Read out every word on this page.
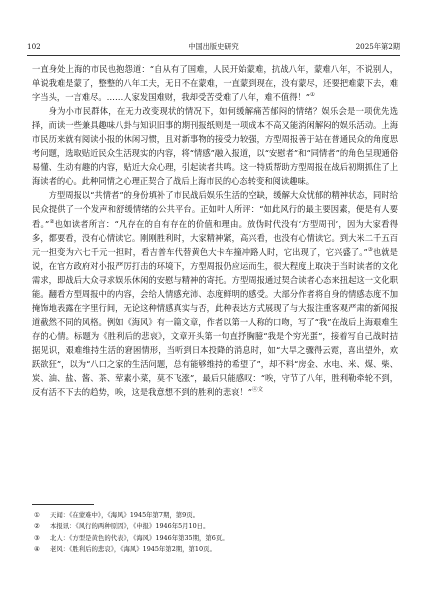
102	中国出版史研究	2025年第2期

一直身处上海的市民也抱怨道：“自从有了国难，人民开始蒙难，抗战八年，蒙难八年，不说别人，单说我难是蒙了，整整的八年工夫，无日不在蒙难，一直蒙到现在，没有蒙尽，还要把难蒙下去，难字当头，一言难尽。……人家发国难财，我却受苦受难了八年，难不值得！”①

身为小市民群体，在无力改变现状的情况下，如何缓解痛苦郁闷的情绪？娱乐会是一项优先选择，而读一些兼具趣味八卦与知识旧事的期刊报纸则是一项成本不高又能消闲解闷的娱乐活动。上海市民历来就有阅读小报的休闲习惯，且对新事物的接受力较强，方型周报善于站在普通民众的角度思考问题，选取贴近民众生活现实的内容，将“情感”融入报道，以“安慰者”和“同情者”的角色呈现通俗易懂、生动有趣的内容，贴近大众心理，引起读者共鸣。这一特质帮助方型周报在战后初期抓住了上海读者的心。此种同情之心理正契合了战后上海市民的心态转变和阅读趣味。

方型周报以“共情者”的身份填补了市民战后娱乐生活的空缺，缓解大众忧郁的精神状态，同时给民众提供了一个发声和舒缓情绪的公共平台。正如叶人所评：“如此风行的最主要因素，便是有人要看。”②也如读者所言：“凡存在的自有存在的价值和理由。放伪时代没有‘方型周刊’，因为大家看得多，都要看，没有心情读它。刚刚胜利时，大家精神紧，高兴看，也没有心情读它。到大米二千五百元一担变为六七千元一担时，看吉普车代替黄色大卡车撞冲路人时，它出现了，它兴盛了。”③也就是说，在官方政府对小报严厉打击的环境下，方型周报仍应运而生，很大程度上取决于当时读者的文化需求，即战后大众寻求娱乐休闲的安慰与精神的寄托。方型周报通过契合读者心态来扭起这一文化职能。翻看方型周报中的内容，会给人情感充沛、态度鲜明的感受。大部分作者将自身的情感态度不加掩饰地表露在字里行间，无论这种情感真实与否，此种表达方式展现了与大报注重客观严肃的新闻报道截然不同的风格。例如《海风》有一篇文章，作者以第一人称的口吻，写了“我”在战后上海艰难生存的心情。标题为《胜利后的悲哀》，文章开头第一句直抒胸臆“我是个穷光蛋”，接着写自己战时拮据见识，艰难维持生活的窘困情形，当听到日本投降的消息时，如“大旱之骤得云霓，喜出望外，欢跃欲狂”，以为“八口之家的生活问题，总有能够维持的希望了”，却不料“房金、水电、米、煤、柴、炭、油、盐、酱、茶、荤素小菜，莫不飞涨”，最后只能感叹：“唉，守节了八年，胜利勒牵轮不到，反有活不下去的趋势，唉，这是我意想不到的胜利的悲哀！”$^{④文}$

① 天闻：《在蒙难中》，《海风》1945年第7期，第9页。
② 本报讯：《风行的两种原因》，《申报》1946年5月10日。
③ 北人：《方型是黄色的代表》，《海风》1946年第35期，第6页。
④ 老风：《胜利后的悲哀》，《海风》1945年第2期，第10页。
